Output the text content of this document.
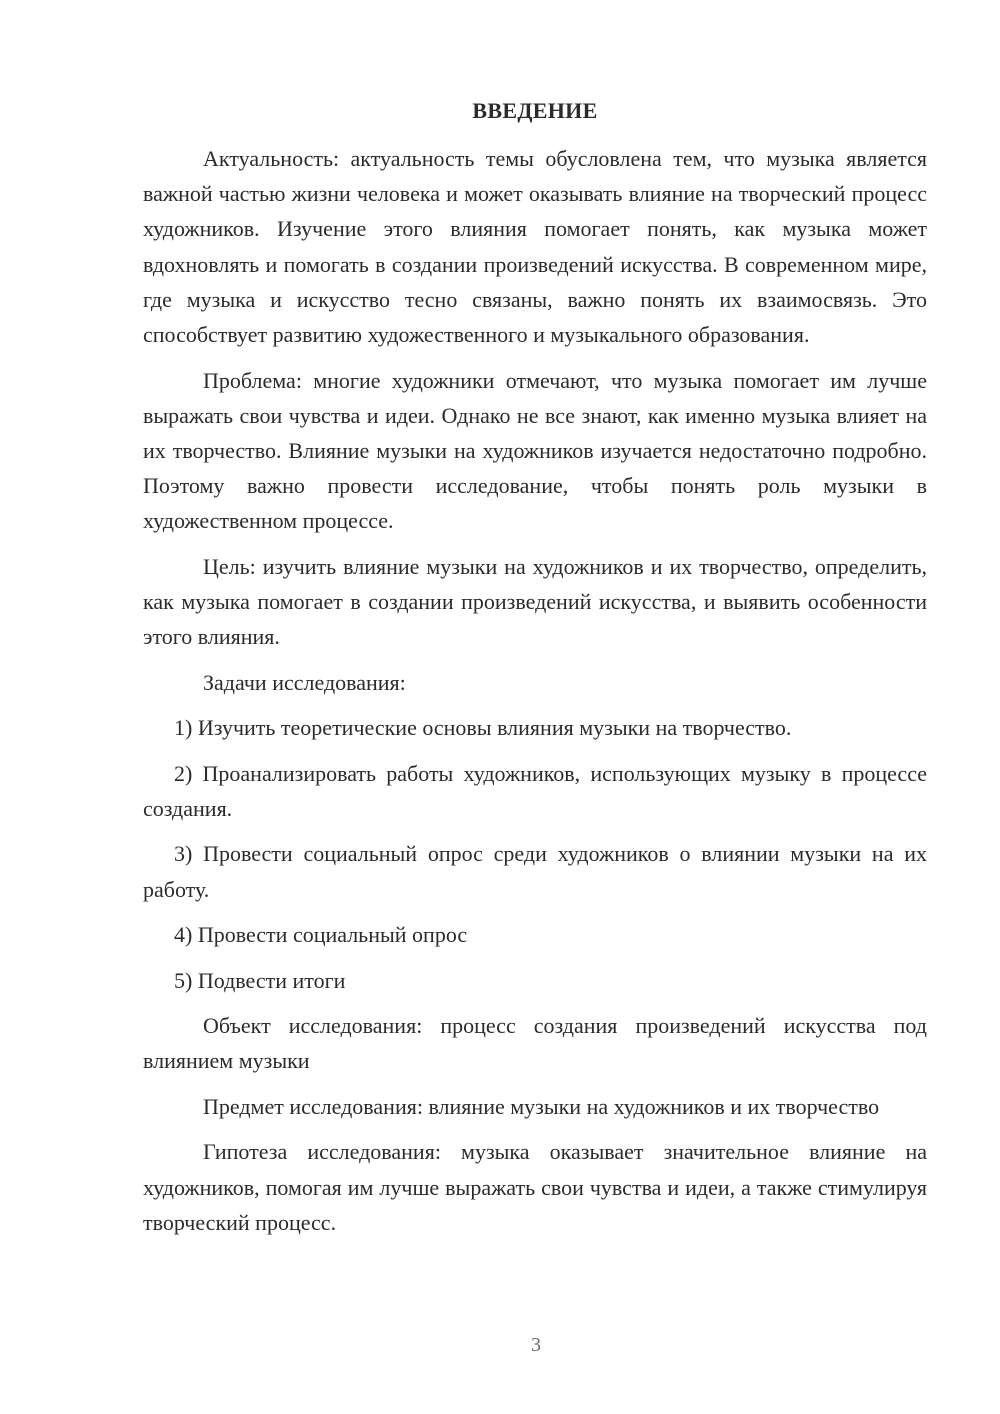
ВВЕДЕНИЕ

Актуальность: актуальность темы обусловлена тем, что музыка является важной частью жизни человека и может оказывать влияние на творческий процесс художников. Изучение этого влияния помогает понять, как музыка может вдохновлять и помогать в создании произведений искусства. В современном мире, где музыка и искусство тесно связаны, важно понять их взаимосвязь. Это способствует развитию художественного и музыкального образования.

Проблема: многие художники отмечают, что музыка помогает им лучше выражать свои чувства и идеи. Однако не все знают, как именно музыка влияет на их творчество. Влияние музыки на художников изучается недостаточно подробно. Поэтому важно провести исследование, чтобы понять роль музыки в художественном процессе.

Цель: изучить влияние музыки на художников и их творчество, определить, как музыка помогает в создании произведений искусства, и выявить особенности этого влияния.

Задачи исследования:

1) Изучить теоретические основы влияния музыки на творчество.

2) Проанализировать работы художников, использующих музыку в процессе создания.

3) Провести социальный опрос среди художников о влиянии музыки на их работу.

4) Провести социальный опрос

5) Подвести итоги

Объект исследования: процесс создания произведений искусства под влиянием музыки

Предмет исследования: влияние музыки на художников и их творчество

Гипотеза исследования: музыка оказывает значительное влияние на художников, помогая им лучше выражать свои чувства и идеи, а также стимулируя творческий процесс.

3
